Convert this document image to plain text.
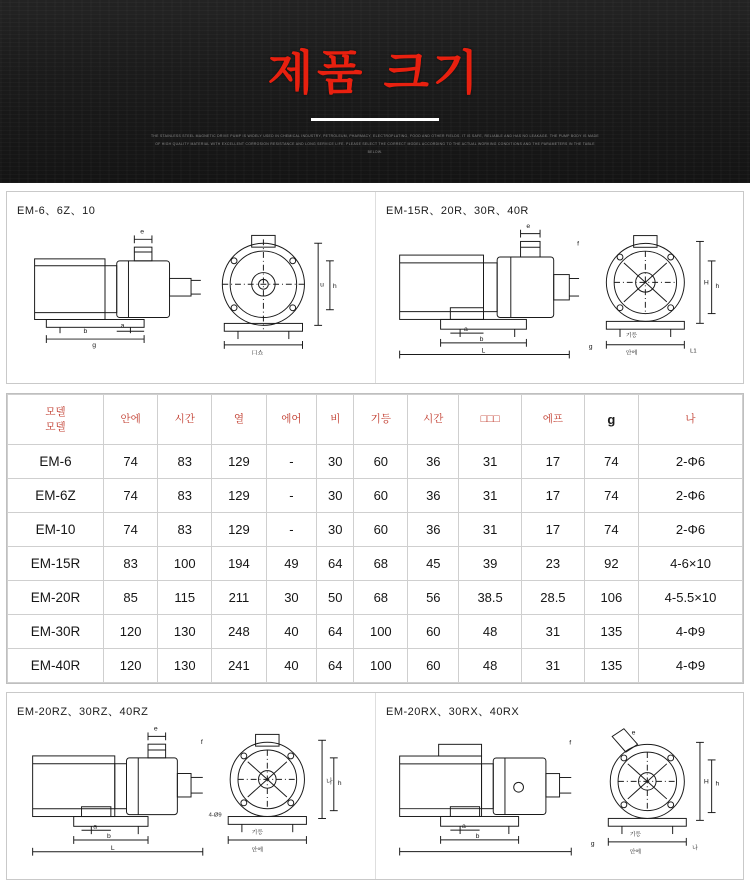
제품 크기
THE STAINLESS STEEL MAGNETIC DRIVE PUMP IS WIDELY USED IN CHEMICAL INDUSTRY, PETROLEUM, PHARMACY, ELECTROPLATING, FOOD AND OTHER FIELDS. IT IS SAFE, RELIABLE AND HAS NO LEAKAGE. THE PUMP BODY IS MADE OF HIGH QUALITY MATERIAL WITH EXCELLENT CORROSION RESISTANCE AND LONG SERVICE LIFE. PLEASE SELECT THE CORRECT MODEL ACCORDING TO THE ACTUAL WORKING CONDITIONS AND THE PARAMETERS IN THE TABLE BELOW.
EM-6、6Z、10
e
g
b
a
u h
口쇼
EM-15R、20R、30R、40R
e
f
a
b
L
g
h
H
L1
기등
안에
모델
모델	안에	시간	열	에어	비	기등	시간	□□□	에프	g	나
EM-6	74	83	129	-	30	60	36	31	17	74	2-Φ6
EM-6Z	74	83	129	-	30	60	36	31	17	74	2-Φ6
EM-10	74	83	129	-	30	60	36	31	17	74	2-Φ6
EM-15R	83	100	194	49	64	68	45	39	23	92	4-6×10
EM-20R	85	115	211	30	50	68	56	38.5	28.5	106	4-5.5×10
EM-30R	120	130	248	40	64	100	60	48	31	135	4-Φ9
EM-40R	120	130	241	40	64	100	60	48	31	135	4-Φ9
EM-20RZ、30RZ、40RZ
e
f
a
b
L
나 h
4-Ø9
기등
안에
EM-20RX、30RX、40RX
e
f
a
b
g
H h
나
기등
안에
